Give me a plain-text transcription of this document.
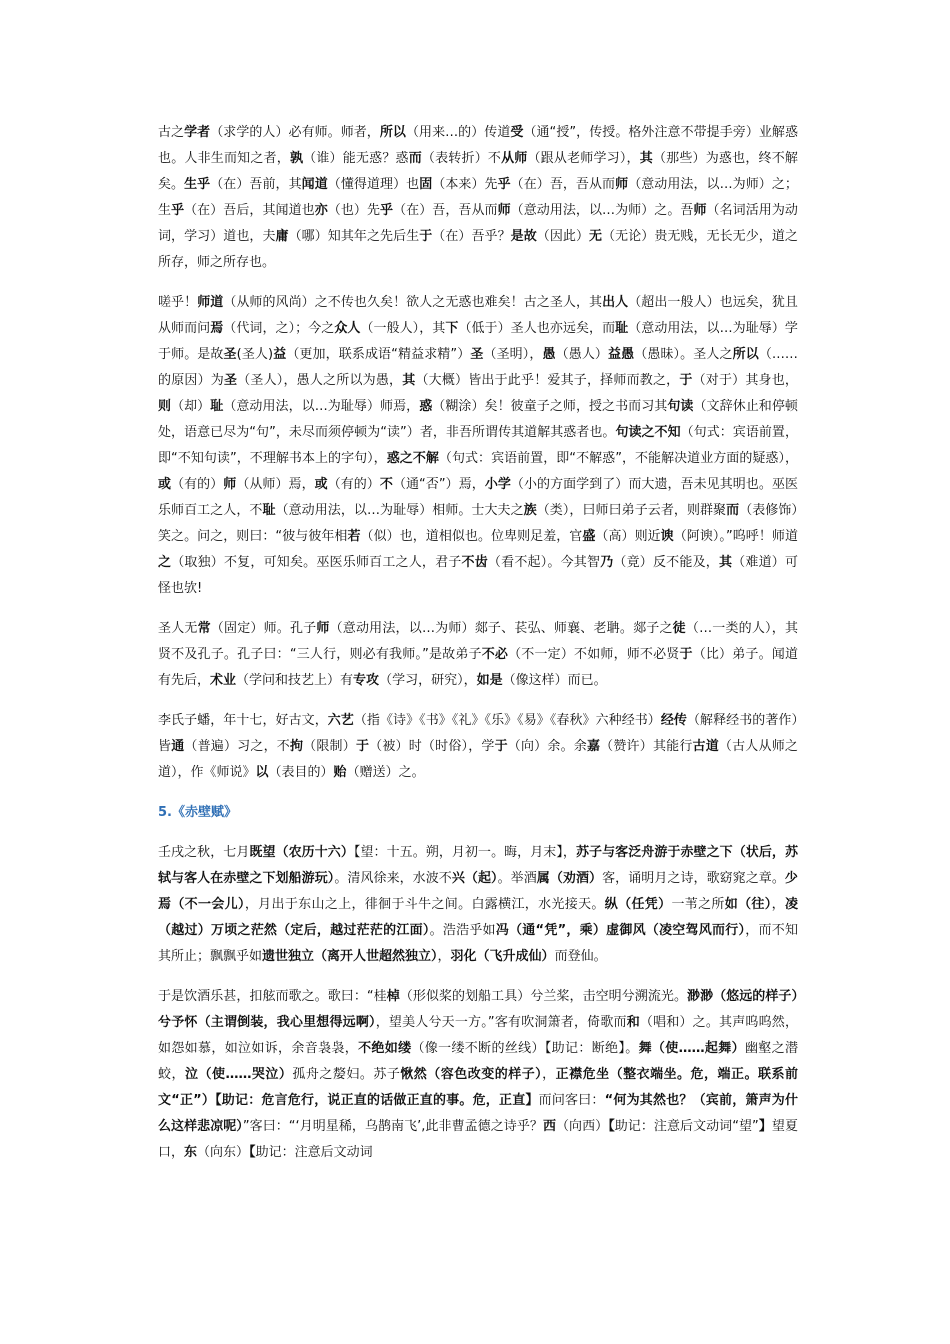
古之学者（求学的人）必有师。师者，所以（用来…的）传道受（通“授”，传授。格外注意不带提手旁）业解惑也。人非生而知之者，孰（谁）能无惑？惑而（表转折）不从师（跟从老师学习），其（那些）为惑也，终不解矣。生乎（在）吾前，其闻道（懂得道理）也固（本来）先乎（在）吾，吾从而师（意动用法，以…为师）之；生乎（在）吾后，其闻道也亦（也）先乎（在）吾，吾从而师（意动用法，以…为师）之。吾师（名词活用为动词，学习）道也，夫庸（哪）知其年之先后生于（在）吾乎？是故（因此）无（无论）贵无贱，无长无少，道之所存，师之所存也。

嗟乎！师道（从师的风尚）之不传也久矣！欲人之无惑也难矣！古之圣人，其出人（超出一般人）也远矣，犹且从师而问焉（代词，之）；今之众人（一般人），其下（低于）圣人也亦远矣，而耻（意动用法，以…为耻辱）学于师。是故圣(圣人)益（更加，联系成语“精益求精”）圣（圣明），愚（愚人）益愚（愚昧）。圣人之所以（……的原因）为圣（圣人），愚人之所以为愚，其（大概）皆出于此乎！爱其子，择师而教之，于（对于）其身也，则（却）耻（意动用法，以…为耻辱）师焉，惑（糊涂）矣！彼童子之师，授之书而习其句读（文辞休止和停顿处，语意已尽为“句”，未尽而须停顿为“读”）者，非吾所谓传其道解其惑者也。句读之不知（句式：宾语前置，即“不知句读”，不理解书本上的字句），惑之不解（句式：宾语前置，即“不解惑”，不能解决道业方面的疑惑），或（有的）师（从师）焉，或（有的）不（通“否”）焉，小学（小的方面学到了）而大遗，吾未见其明也。巫医乐师百工之人，不耻（意动用法，以…为耻辱）相师。士大夫之族（类），曰师曰弟子云者，则群聚而（表修饰）笑之。问之，则曰：“彼与彼年相若（似）也，道相似也。位卑则足羞，官盛（高）则近谀（阿谀）。”呜呼！师道之（取独）不复，可知矣。巫医乐师百工之人，君子不齿（看不起）。今其智乃（竟）反不能及，其（难道）可怪也欤!

圣人无常（固定）师。孔子师（意动用法，以…为师）郯子、苌弘、师襄、老聃。郯子之徒（…一类的人），其贤不及孔子。孔子曰：“三人行，则必有我师。”是故弟子不必（不一定）不如师，师不必贤于（比）弟子。闻道有先后，术业（学问和技艺上）有专攻（学习，研究），如是（像这样）而已。

李氏子蟠，年十七，好古文，六艺（指《诗》《书》《礼》《乐》《易》《春秋》六种经书）经传（解释经书的著作）皆通（普遍）习之，不拘（限制）于（被）时（时俗），学于（向）余。余嘉（赞许）其能行古道（古人从师之道），作《师说》以（表目的）贻（赠送）之。

5.《赤壁赋》

壬戌之秋，七月既望（农历十六）【望：十五。朔，月初一。晦，月末】，苏子与客泛舟游于赤壁之下（状后，苏轼与客人在赤壁之下划船游玩）。清风徐来，水波不兴（起）。举酒属（劝酒）客，诵明月之诗，歌窈窕之章。少焉（不一会儿），月出于东山之上，徘徊于斗牛之间。白露横江，水光接天。纵（任凭）一苇之所如（往），凌（越过）万顷之茫然（定后，越过茫茫的江面）。浩浩乎如冯（通“凭”，乘）虚御风（凌空驾风而行），而不知其所止；飘飘乎如遗世独立（离开人世超然独立），羽化（飞升成仙）而登仙。

于是饮酒乐甚，扣舷而歌之。歌曰：“桂棹（形似桨的划船工具）兮兰桨，击空明兮溯流光。渺渺（悠远的样子）兮予怀（主谓倒装，我心里想得远啊），望美人兮天一方。”客有吹洞箫者，倚歌而和（唱和）之。其声呜呜然，如怨如慕，如泣如诉，余音袅袅，不绝如缕（像一缕不断的丝线）【助记：断绝】。舞（使……起舞）幽壑之潜蛟，泣（使……哭泣）孤舟之嫠妇。苏子愀然（容色改变的样子），正襟危坐（整衣端坐。危，端正。联系前文“正”）【助记：危言危行，说正直的话做正直的事。危，正直】而问客曰：“何为其然也？（宾前，箫声为什么这样悲凉呢）”客曰：“‘月明星稀，乌鹊南飞’,此非曹孟德之诗乎？西（向西）【助记：注意后文动词“望”】望夏口，东（向东）【助记：注意后文动词
